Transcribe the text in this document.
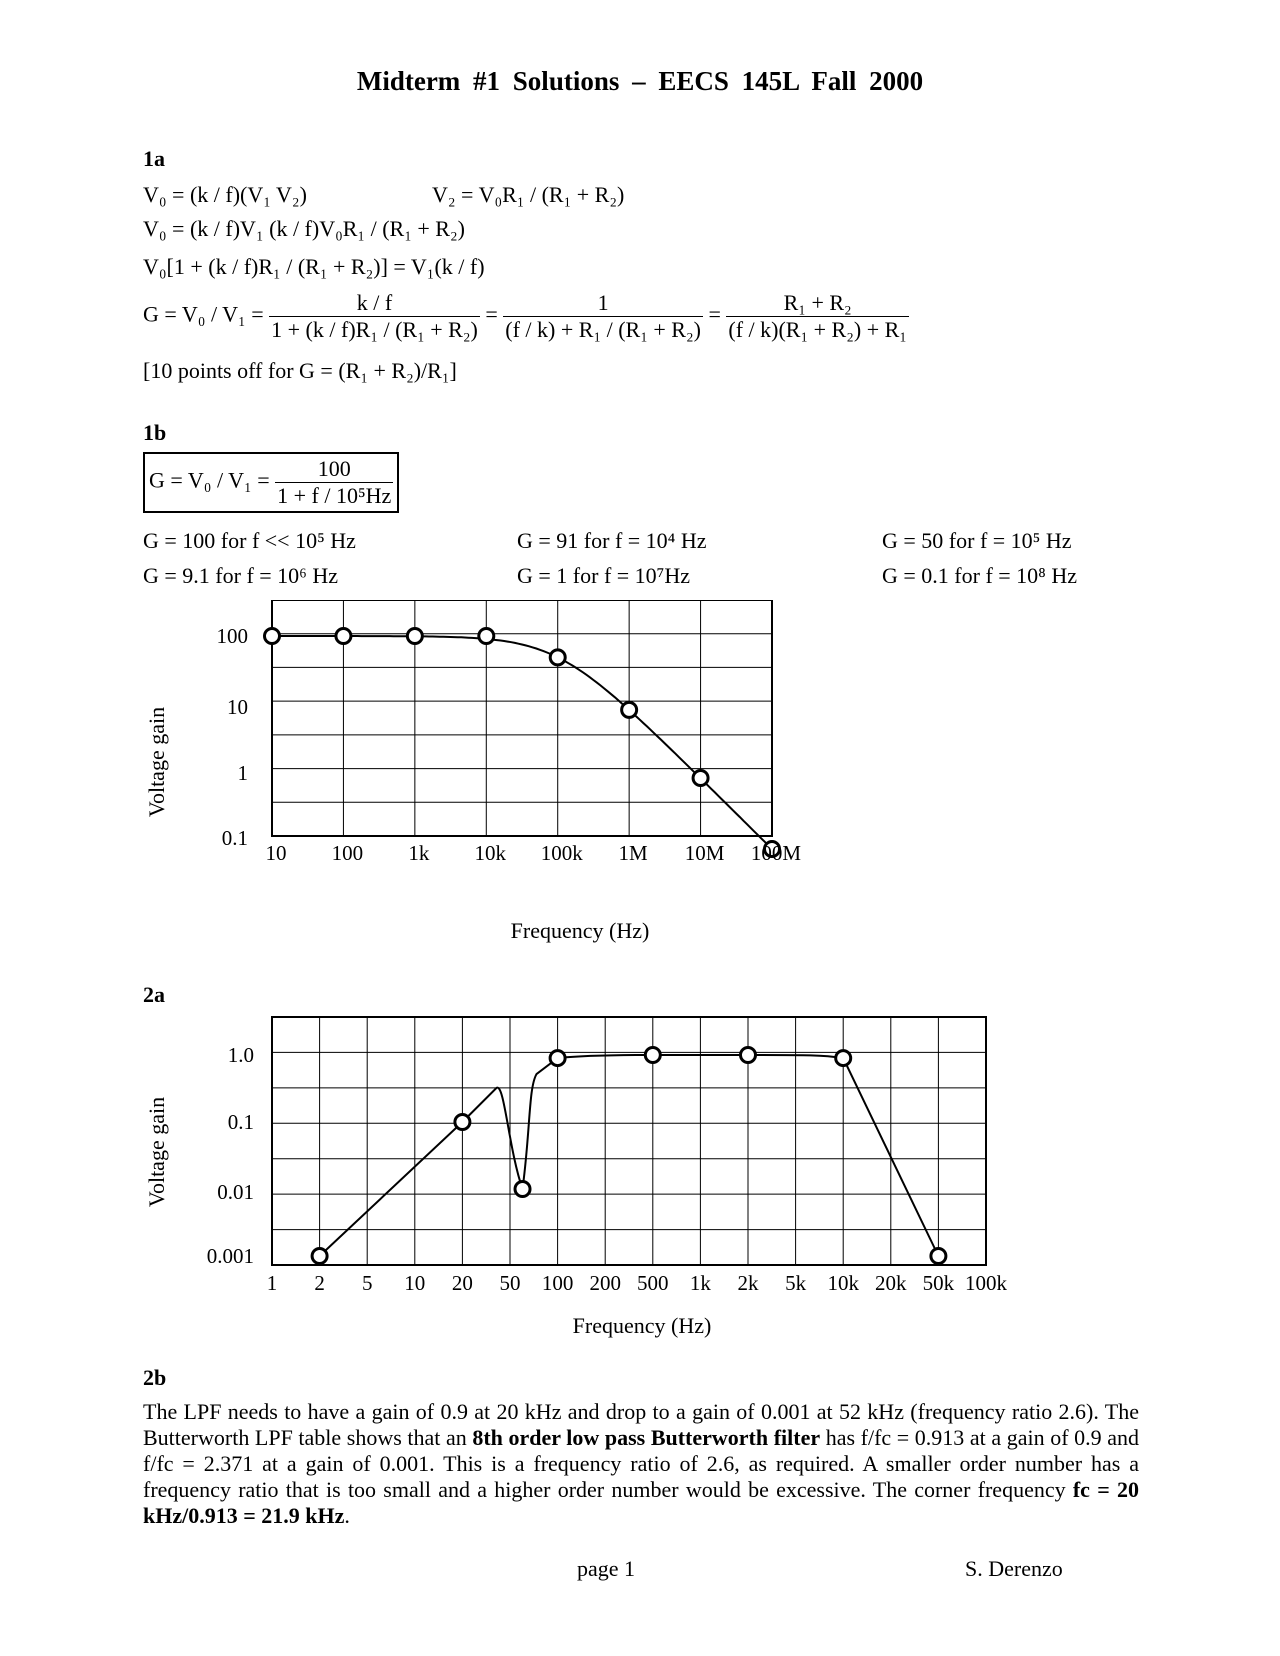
Midterm #1 Solutions – EECS 145L Fall 2000
1a
V₀ = (k / f)(V₁ V₂)	V₂ = V₀R₁ / (R₁ + R₂)
V₀ = (k / f)V₁ (k / f)V₀R₁ / (R₁ + R₂)
V₀[1 + (k / f)R₁ / (R₁ + R₂)] = V₁(k / f)
$G = V_0 / V_1 = \frac{k / f}{\text{1 + (k / f)R₁ / (R₁ + R₂)}} = \frac{1}{\text{(f / k) + R₁ / (R₁ + R₂)}} = \frac{\text{R₁ + R₂}}{\text{(f / k)(R₁ + R₂) + R₁}}$
[10 points off for G = (R₁ + R₂)/R₁]
1b
$G = V_0 / V_1 = \frac{100}{\text{1 + f / 10⁵Hz}}$
G = 100 for f << 10⁵ Hz	G = 91 for f = 10⁴ Hz	G = 50 for f = 10⁵ Hz
G = 9.1 for f = 10⁶ Hz	G = 1 for f = 10⁷Hz	G = 0.1 for f = 10⁸ Hz
10 100 1k 10k 100k 1M 10M 100M
100
10
1
0.1
Frequency (Hz)
Voltage gain
2a
1 2 5 10 20 50 100 200 500 1k 2k 5k 10k 20k 50k 100k
1.0
0.1
0.01
0.001
Frequency (Hz)
Voltage gain
2b
The LPF needs to have a gain of 0.9 at 20 kHz and drop to a gain of 0.001 at 52 kHz (frequency ratio 2.6). The Butterworth LPF table shows that an 8th order low pass Butterworth filter has f/fc = 0.913 at a gain of 0.9 and f/fc = 2.371 at a gain of 0.001. This is a frequency ratio of 2.6, as required. A smaller order number has a frequency ratio that is too small and a higher order number would be excessive. The corner frequency fc = 20 kHz/0.913 = 21.9 kHz.
page 1	S. Derenzo
